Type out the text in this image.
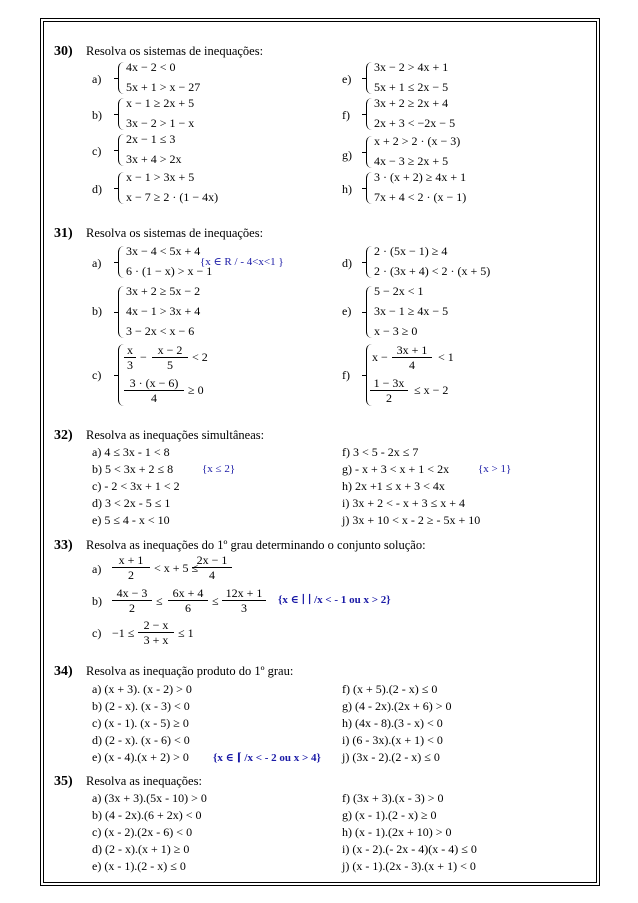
30) Resolva os sistemas de inequações:
a)
4x − 2 < 0
5x + 1 > x − 27
b)
x − 1 ≥ 2x + 5
3x − 2 > 1 − x
c)
2x − 1 ≤ 3
3x + 4 > 2x
d)
x − 1 > 3x + 5
x − 7 ≥ 2 · (1 − 4x)
e)
3x − 2 > 4x + 1
5x + 1 ≤ 2x − 5
f)
3x + 2 ≥ 2x + 4
2x + 3 < −2x − 5
g)
x + 2 > 2 · (x − 3)
4x − 3 ≥ 2x + 5
h)
3 · (x + 2) ≥ 4x + 1
7x + 4 < 2 · (x − 1)
31) Resolva os sistemas de inequações:
a)
3x − 4 < 5x + 4
6 · (1 − x) > x − 1
{x ∈ R / - 4<x<1 }
b)
3x + 2 ≥ 5x − 2
4x − 1 > 3x + 4
3 − 2x < x − 6
c)
$\frac{x}{3} - \frac{x - 2}{5} < 2$
$\frac{3 \cdot (x - 6)}{4} \ge 0$
d)
2 · (5x − 1) ≥ 4
2 · (3x + 4) < 2 · (x + 5)
e)
5 − 2x < 1
3x − 1 ≥ 4x − 5
x − 3 ≥ 0
f)
$x - \frac{3x + 1}{4} < 1$
$\frac{1 - 3x}{2} \le x - 2$
32) Resolva as inequações simultâneas:
a) 4 ≤ 3x - 1 < 8
b) 5 < 3x + 2 ≤ 8	{x ≤ 2}
c) - 2 < 3x + 1 < 2
d) 3 < 2x - 5 ≤ 1
e) 5 ≤ 4 - x < 10
f) 3 < 5 - 2x ≤ 7
g) - x + 3 < x + 1 < 2x	{x > 1}
h) 2x +1 ≤ x + 3 < 4x
i) 3x + 2 < - x + 3 ≤ x + 4
j) 3x + 10 < x - 2 ≥ - 5x + 10
33) Resolva as inequações do 1º grau determinando o conjunto solução:
$a) \frac{x + 1}{2} < x + 5$ ≤
$\frac{2x - 1}{4}$
$b) \frac{4x - 3}{2} \le \frac{6x + 4}{6} \le \frac{12x + 1}{3} \{x$ ∈ ∣ ∣ /x < - 1 ou x > 2}
$c) -1 \le \frac{2 - x}{3 + x} \le 1$
34) Resolva as inequação produto do 1º grau:
a) (x + 3). (x - 2) > 0
b) (2 - x). (x - 3) < 0
c) (x - 1). (x - 5) ≥ 0
d) (2 - x). (x - 6) < 0
e) (x - 4).(x + 2) > 0 {x ∈ ⌈ /x < - 2 ou x > 4}
f) (x + 5).(2 - x) ≤ 0
g) (4 - 2x).(2x + 6) > 0
h) (4x - 8).(3 - x) < 0
i) (6 - 3x).(x + 1) < 0
j) (3x - 2).(2 - x) ≤ 0
35) Resolva as inequações:
a) (3x + 3).(5x - 10) > 0
b) (4 - 2x).(6 + 2x) < 0
c) (x - 2).(2x - 6) < 0
d) (2 - x).(x + 1) ≥ 0
e) (x - 1).(2 - x) ≤ 0
f) (3x + 3).(x - 3) > 0
g) (x - 1).(2 - x) ≥ 0
h) (x - 1).(2x + 10) > 0
i) (x - 2).(- 2x - 4)(x - 4) ≤ 0
j) (x - 1).(2x - 3).(x + 1) < 0
